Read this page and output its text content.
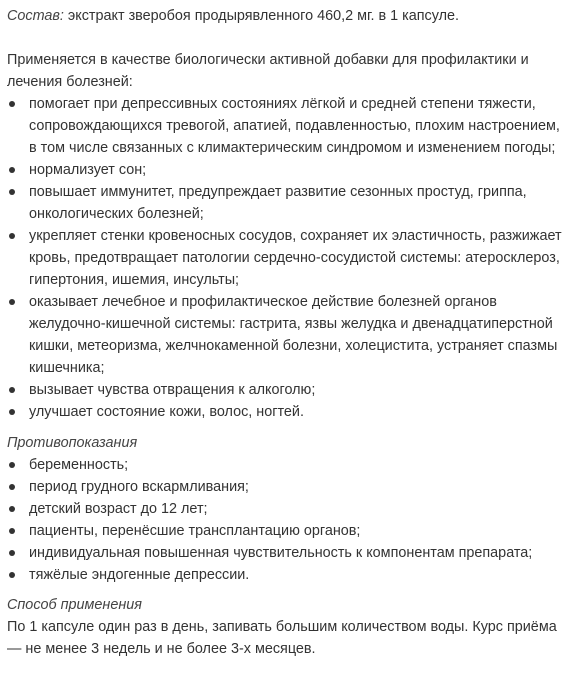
Состав: экстракт зверобоя продырявленного 460,2 мг. в 1 капсуле.

Применяется в качестве биологически активной добавки для профилактики и лечения болезней:

помогает при депрессивных состояниях лёгкой и средней степени тяжести, сопровождающихся тревогой, апатией, подавленностью, плохим настроением, в том числе связанных с климактерическим синдромом и изменением погоды;
нормализует сон;
повышает иммунитет, предупреждает развитие сезонных простуд, гриппа, онкологических болезней;
укрепляет стенки кровеносных сосудов, сохраняет их эластичность, разжижает кровь, предотвращает патологии сердечно-сосудистой системы: атеросклероз, гипертония, ишемия, инсульты;
оказывает лечебное и профилактическое действие болезней органов желудочно-кишечной системы: гастрита, язвы желудка и двенадцатиперстной кишки, метеоризма, желчнокаменной болезни, холецистита, устраняет спазмы кишечника;
вызывает чувства отвращения к алкоголю;
улучшает состояние кожи, волос, ногтей.

Противопоказания

беременность;
период грудного вскармливания;
детский возраст до 12 лет;
пациенты, перенёсшие трансплантацию органов;
индивидуальная повышенная чувствительность к компонентам препарата;
тяжёлые эндогенные депрессии.

Способ применения

По 1 капсуле один раз в день, запивать большим количеством воды. Курс приёма — не менее 3 недель и не более 3-х месяцев.
